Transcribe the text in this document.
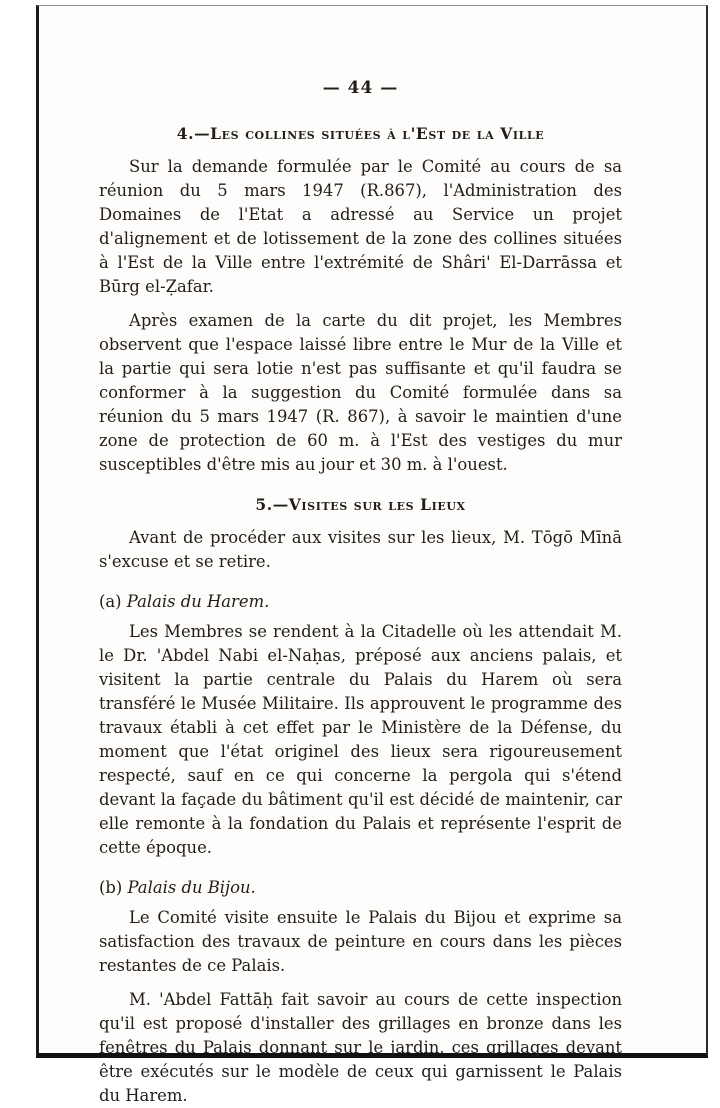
— 44 —
4.—Les collines situées à l'Est de la Ville

Sur la demande formulée par le Comité au cours de sa réunion du 5 mars 1947 (R.867), l'Administration des Domaines de l'Etat a adressé au Service un projet d'alignement et de lotissement de la zone des collines situées à l'Est de la Ville entre l'extrémité de Shâri' El-Darrāssa et Būrg el-Ẓafar.

Après examen de la carte du dit projet, les Membres observent que l'espace laissé libre entre le Mur de la Ville et la partie qui sera lotie n'est pas suffisante et qu'il faudra se conformer à la suggestion du Comité formulée dans sa réunion du 5 mars 1947 (R. 867), à savoir le maintien d'une zone de protection de 60 m. à l'Est des vestiges du mur susceptibles d'être mis au jour et 30 m. à l'ouest.

5.—Visites sur les Lieux

Avant de procéder aux visites sur les lieux, M. Tōgō Mīnā s'excuse et se retire.

(a) Palais du Harem.

Les Membres se rendent à la Citadelle où les attendait M. le Dr. 'Abdel Nabi el-Naḥas, préposé aux anciens palais, et visitent la partie centrale du Palais du Harem où sera transféré le Musée Militaire. Ils approuvent le programme des travaux établi à cet effet par le Ministère de la Défense, du moment que l'état originel des lieux sera rigoureusement respecté, sauf en ce qui concerne la pergola qui s'étend devant la façade du bâtiment qu'il est décidé de maintenir, car elle remonte à la fondation du Palais et représente l'esprit de cette époque.

(b) Palais du Bijou.

Le Comité visite ensuite le Palais du Bijou et exprime sa satisfaction des travaux de peinture en cours dans les pièces restantes de ce Palais.

M. 'Abdel Fattāḥ fait savoir au cours de cette inspection qu'il est proposé d'installer des grillages en bronze dans les fenêtres du Palais donnant sur le jardin, ces grillages devant être exécutés sur le modèle de ceux qui garnissent le Palais du Harem.
